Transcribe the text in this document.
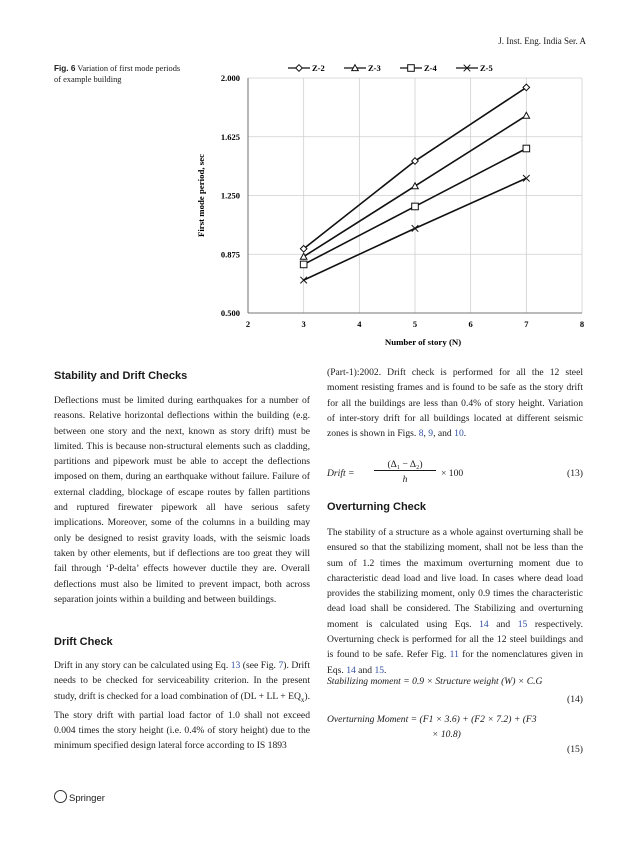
J. Inst. Eng. India Ser. A
Fig. 6 Variation of first mode periods of example building
0.500
0.875
1.250
1.625
2.000
2	3	4	5	6	7	8
Number of story (N)
First mode period, sec
Z-2	Z-3	Z-4	Z-5
Stability and Drift Checks

Deflections must be limited during earthquakes for a number of reasons. Relative horizontal deflections within the building (e.g. between one story and the next, known as story drift) must be limited. This is because non-structural elements such as cladding, partitions and pipework must be able to accept the deflections imposed on them, during an earthquake without failure. Failure of external cladding, blockage of escape routes by fallen partitions and ruptured firewater pipework all have serious safety implications. Moreover, some of the columns in a building may only be designed to resist gravity loads, with the seismic loads taken by other elements, but if deflections are too great they will fail through ‘P-delta’ effects however ductile they are. Overall deflections must also be limited to prevent impact, both across separation joints within a building and between buildings.

Drift Check

Drift in any story can be calculated using Eq. 13 (see Fig. 7). Drift needs to be checked for serviceability criterion. In the present study, drift is checked for a load combination of (DL + LL + $EQ_x$). The story drift with partial load factor of 1.0 shall not exceed 0.004 times the story height (i.e. 0.4% of story height) due to the minimum specified design lateral force according to IS 1893

(Part-1):2002. Drift check is performed for all the 12 steel moment resisting frames and is found to be safe as the story drift for all the buildings are less than 0.4% of story height. Variation of inter-story drift for all buildings located at different seismic zones is shown in Figs. 8, 9, and 10.

Drift =
(Δ₁ − Δ₂)
h
× 100	(13)
Overturning Check

The stability of a structure as a whole against overturning shall be ensured so that the stabilizing moment, shall not be less than the sum of 1.2 times the maximum overturning moment due to characteristic dead load and live load. In cases where dead load provides the stabilizing moment, only 0.9 times the characteristic dead load shall be considered. The Stabilizing and overturning moment is calculated using Eqs. 14 and 15 respectively. Overturning check is performed for all the 12 steel buildings and is found to be safe. Refer Fig. 11 for the nomenclatures given in Eqs. 14 and 15.

Stabilizing moment = 0.9 × Structure weight (W) × C.G
(14)
Overturning Moment = (F1 × 3.6) + (F2 × 7.2) + (F3
× 10.8)
(15)
Springer
